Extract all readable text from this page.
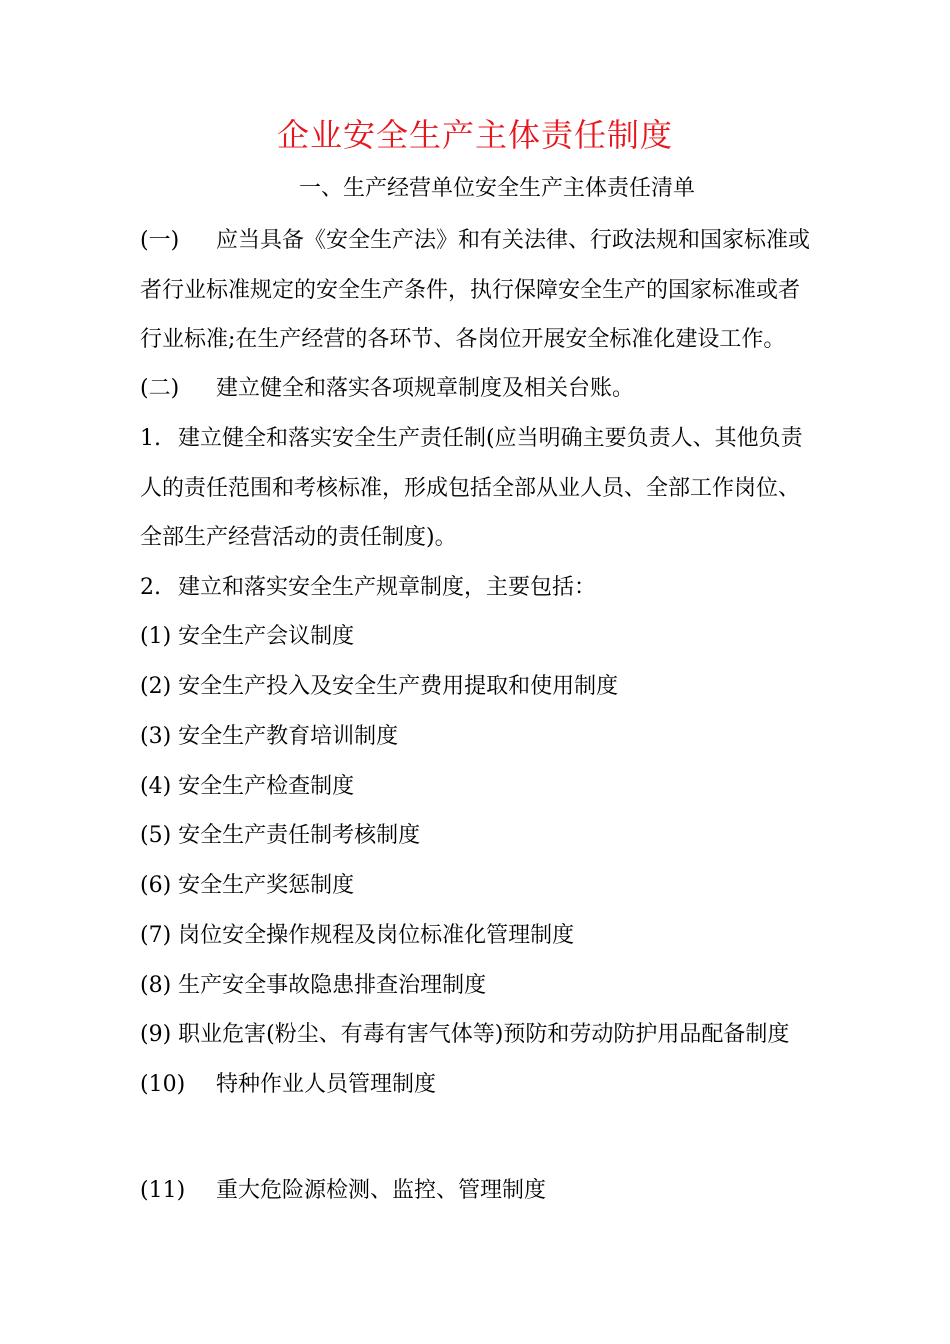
企业安全生产主体责任制度
一、生产经营单位安全生产主体责任清单
(一) 应当具备《安全生产法》和有关法律、行政法规和国家标准或
者行业标准规定的安全生产条件，执行保障安全生产的国家标准或者
行业标准;在生产经营的各环节、各岗位开展安全标准化建设工作。
(二) 建立健全和落实各项规章制度及相关台账。
1. 建立健全和落实安全生产责任制(应当明确主要负责人、其他负责
人的责任范围和考核标准，形成包括全部从业人员、全部工作岗位、
全部生产经营活动的责任制度)。
2. 建立和落实安全生产规章制度，主要包括：
(1) 安全生产会议制度
(2) 安全生产投入及安全生产费用提取和使用制度
(3) 安全生产教育培训制度
(4) 安全生产检查制度
(5) 安全生产责任制考核制度
(6) 安全生产奖惩制度
(7) 岗位安全操作规程及岗位标准化管理制度
(8) 生产安全事故隐患排查治理制度
(9) 职业危害(粉尘、有毒有害气体等)预防和劳动防护用品配备制度
(10) 特种作业人员管理制度
(11) 重大危险源检测、监控、管理制度
